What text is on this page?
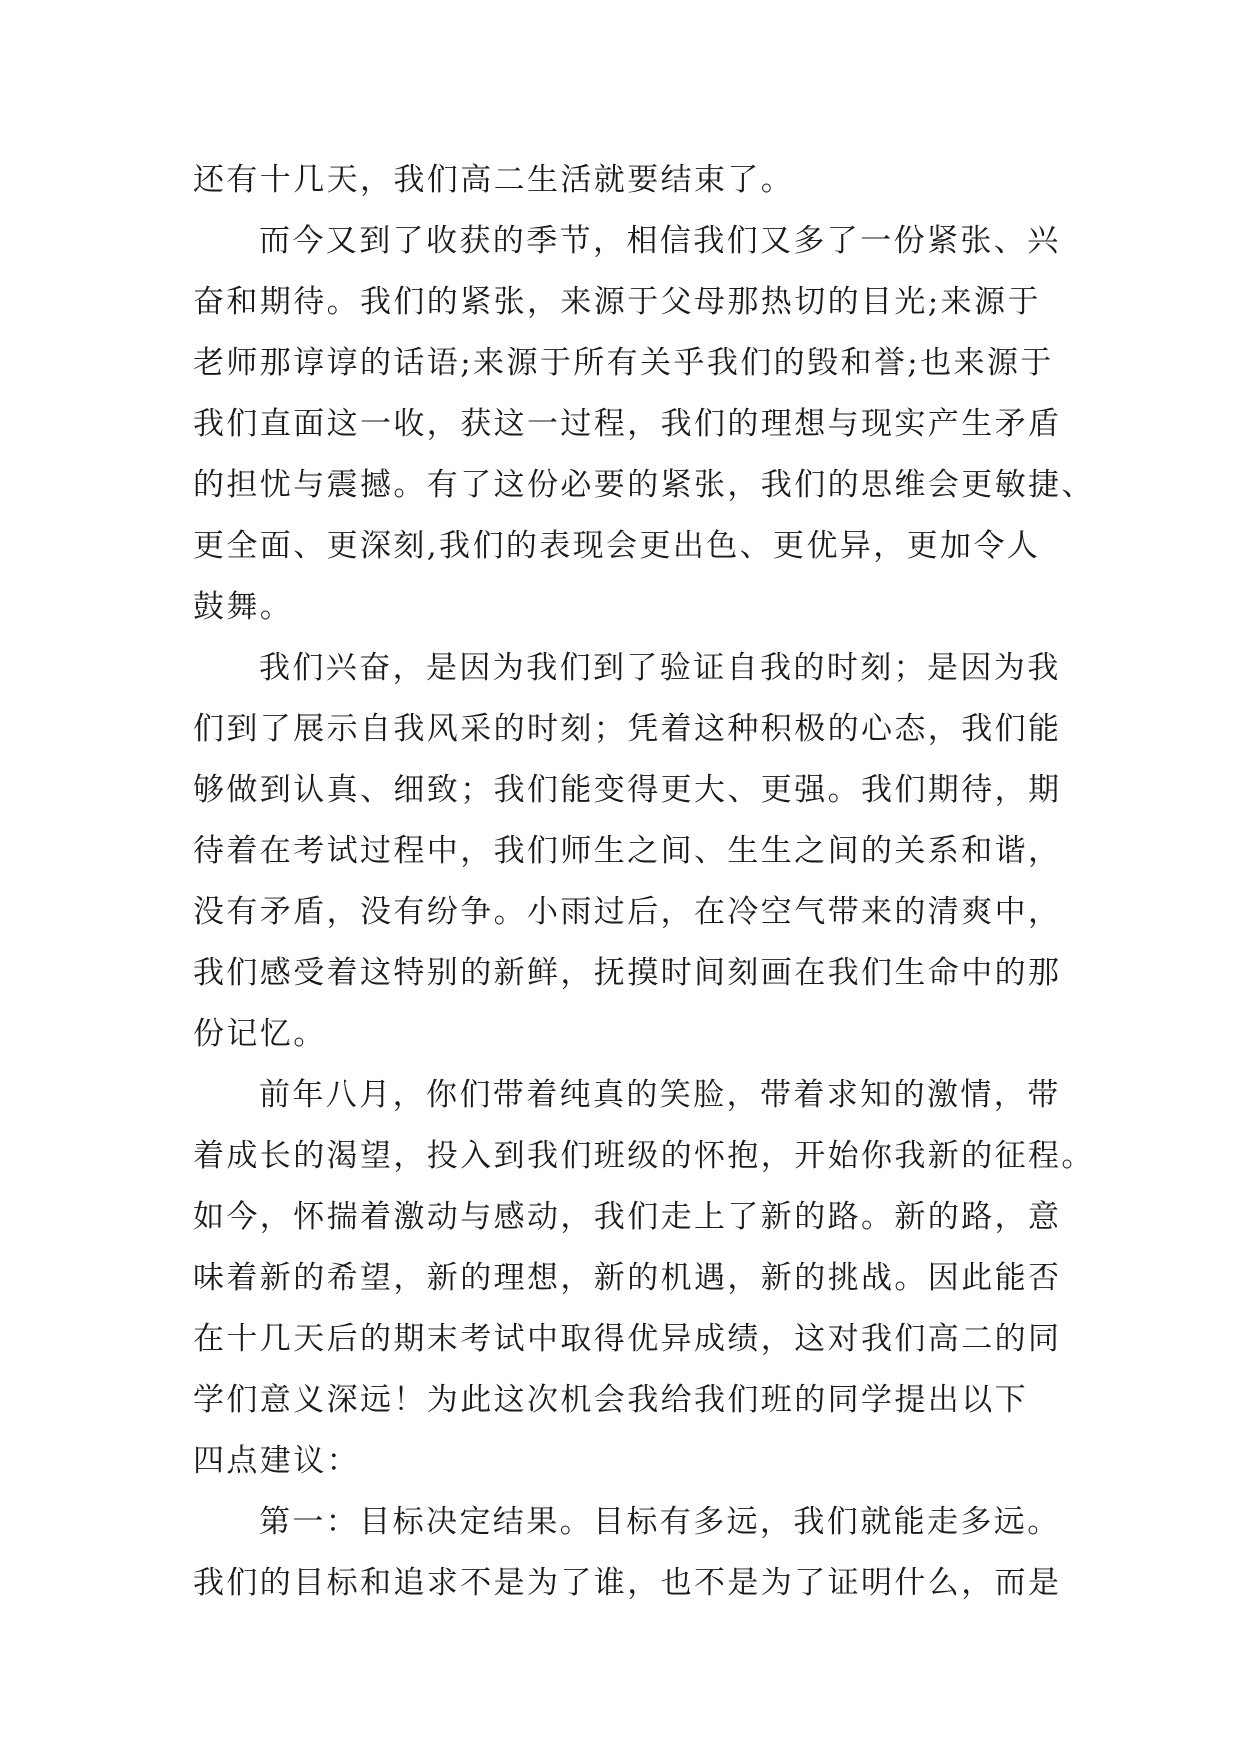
还有十几天，我们高二生活就要结束了。
而今又到了收获的季节，相信我们又多了一份紧张、兴
奋和期待。我们的紧张，来源于父母那热切的目光;来源于
老师那谆谆的话语;来源于所有关乎我们的毁和誉;也来源于
我们直面这一收，获这一过程，我们的理想与现实产生矛盾
的担忧与震撼。有了这份必要的紧张，我们的思维会更敏捷、
更全面、更深刻,我们的表现会更出色、更优异，更加令人
鼓舞。
我们兴奋，是因为我们到了验证自我的时刻；是因为我
们到了展示自我风采的时刻；凭着这种积极的心态，我们能
够做到认真、细致；我们能变得更大、更强。我们期待，期
待着在考试过程中，我们师生之间、生生之间的关系和谐，
没有矛盾，没有纷争。小雨过后，在冷空气带来的清爽中，
我们感受着这特别的新鲜，抚摸时间刻画在我们生命中的那
份记忆。
前年八月，你们带着纯真的笑脸，带着求知的激情，带
着成长的渴望，投入到我们班级的怀抱，开始你我新的征程。
如今，怀揣着激动与感动，我们走上了新的路。新的路，意
味着新的希望，新的理想，新的机遇，新的挑战。因此能否
在十几天后的期末考试中取得优异成绩，这对我们高二的同
学们意义深远！为此这次机会我给我们班的同学提出以下
四点建议：
第一：目标决定结果。目标有多远，我们就能走多远。
我们的目标和追求不是为了谁，也不是为了证明什么，而是
